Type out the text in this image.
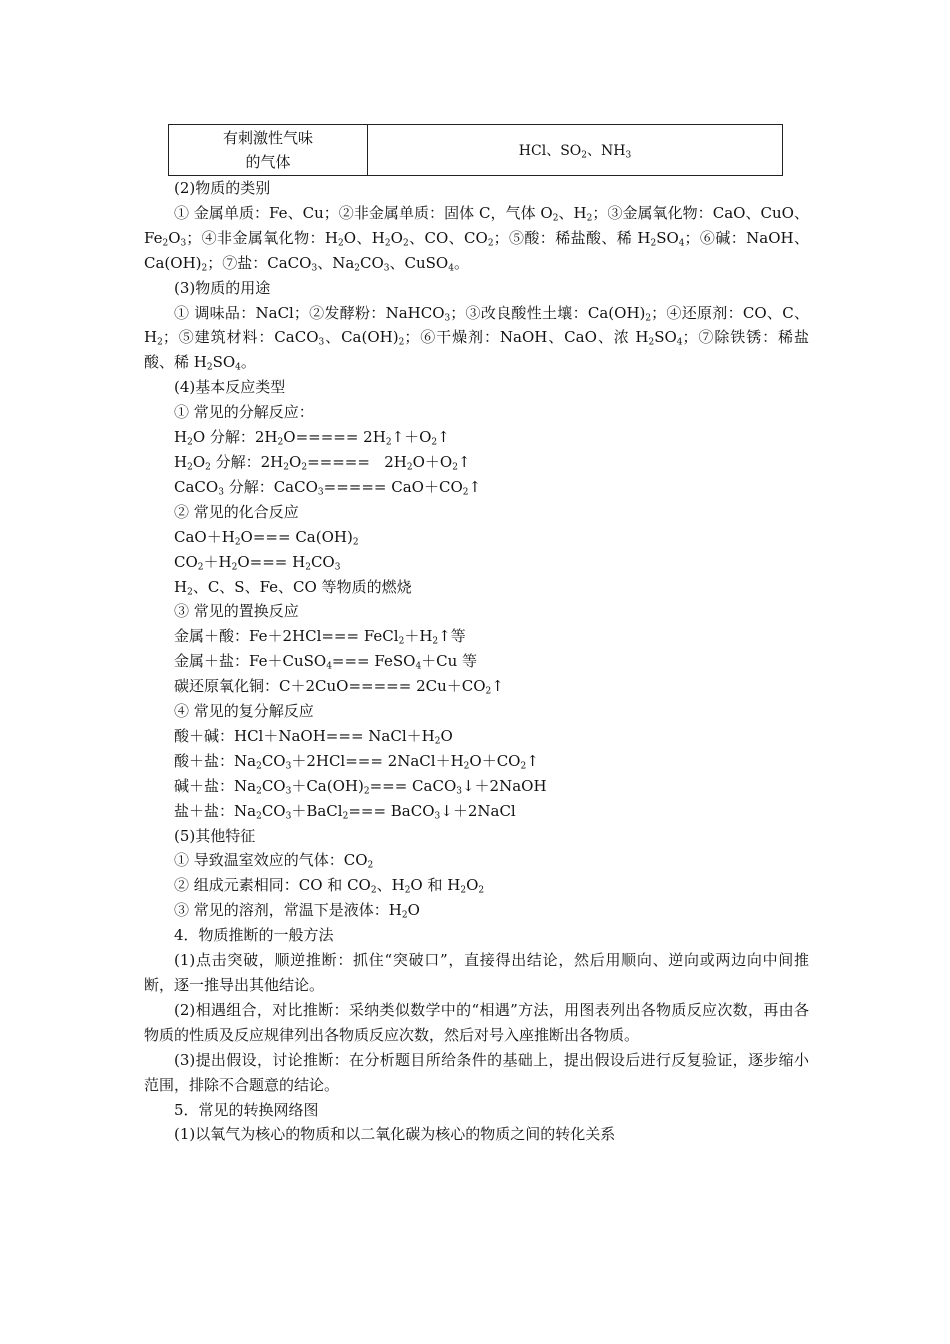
有刺激性气味
的气体	HCl、$SO_2$、$NH_3$
(2)物质的类别
① 金属单质：Fe、Cu；②非金属单质：固体 C，气体 $O_2$、$H_2$；③金属氧化物：CaO、CuO、$Fe_2O_3$；④非金属氧化物：$H_2O$、$H_2O_2$、CO、$CO_2$；⑤酸：稀盐酸、稀 $H_2SO_4$；⑥碱：NaOH、$Ca(OH)_2$；⑦盐：CaCO$_3$、$Na_2CO_3$、CuSO$_4$。
(3)物质的用途
① 调味品：NaCl；②发酵粉：NaHCO$_3$；③改良酸性土壤：$Ca(OH)_2$；④还原剂：CO、C、$H_2$；⑤建筑材料：CaCO$_3$、$Ca(OH)_2$；⑥干燥剂：NaOH、CaO、浓 $H_2SO_4$；⑦除铁锈：稀盐酸、稀 $H_2SO_4$。
(4)基本反应类型
① 常见的分解反应：
$H_2O$ 分解：$2H_2O=====$ $2H_2↑+O_2↑$
$H_2O_2$ 分解：$2H_2O_2=====$   $2H_2O+O_2↑$
CaCO$_3$ 分解：CaCO$_3$===== $CaO+CO_2↑$
② 常见的化合反应
$CaO+H_2O=== Ca(OH)_2$
$CO_2+H_2O=== H_2CO_3$
$H_2$、C、S、Fe、CO 等物质的燃烧
③ 常见的置换反应
金属＋酸：$Fe+2HCl=== FeCl_2+H_2↑$等
金属＋盐：Fe＋CuSO$_4$=== FeSO$_4$＋Cu 等
碳还原氧化铜：$C+2CuO===== 2Cu+CO_2↑$
④ 常见的复分解反应
酸＋碱：HCl＋NaOH=== $NaCl+H_2O$
酸＋盐：$Na_2CO_3+2HCl===$ $2NaCl+H_2O+CO_2↑$
碱＋盐：$Na_2CO_3+Ca(OH)_2===$ CaCO$_3$↓＋2NaOH
盐＋盐：$Na_2CO_3+BaCl_2===$ BaCO$_3$↓＋2NaCl
(5)其他特征
① 导致温室效应的气体：$CO_2$
② 组成元素相同：CO 和 $CO_2$、$H_2O$ 和 $H_2O_2$
③ 常见的溶剂，常温下是液体：$H_2O$
4．物质推断的一般方法
(1)点击突破，顺逆推断：抓住“突破口”，直接得出结论，然后用顺向、逆向或两边向中间推断，逐一推导出其他结论。
(2)相遇组合，对比推断：采纳类似数学中的“相遇”方法，用图表列出各物质反应次数，再由各物质的性质及反应规律列出各物质反应次数，然后对号入座推断出各物质。
(3)提出假设，讨论推断：在分析题目所给条件的基础上，提出假设后进行反复验证，逐步缩小范围，排除不合题意的结论。
5．常见的转换网络图
(1)以氧气为核心的物质和以二氧化碳为核心的物质之间的转化关系
